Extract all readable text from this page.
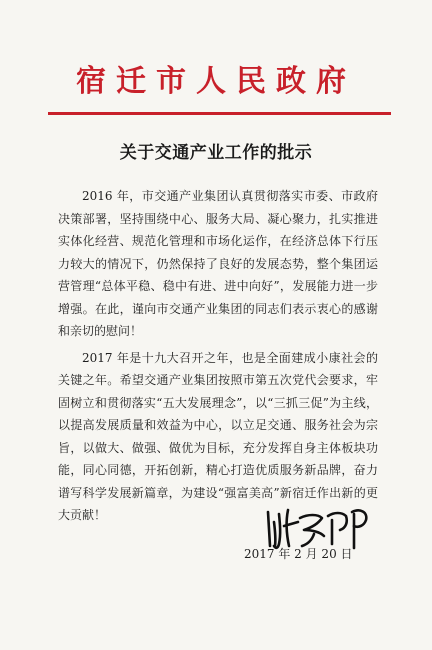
宿迁市人民政府
关于交通产业工作的批示

2016 年，市交通产业集团认真贯彻落实市委、市政府决策部署，坚持围绕中心、服务大局、凝心聚力，扎实推进实体化经营、规范化管理和市场化运作，在经济总体下行压力较大的情况下，仍然保持了良好的发展态势，整个集团运营管理“总体平稳、稳中有进、进中向好”，发展能力进一步增强。在此，谨向市交通产业集团的同志们表示衷心的感谢和亲切的慰问！

2017 年是十九大召开之年，也是全面建成小康社会的关键之年。希望交通产业集团按照市第五次党代会要求，牢固树立和贯彻落实“五大发展理念”，以“三抓三促”为主线，以提高发展质量和效益为中心，以立足交通、服务社会为宗旨，以做大、做强、做优为目标，充分发挥自身主体板块功能，同心同德，开拓创新，精心打造优质服务新品牌，奋力谱写科学发展新篇章，为建设“强富美高”新宿迁作出新的更大贡献！

2017 年 2 月 20 日
